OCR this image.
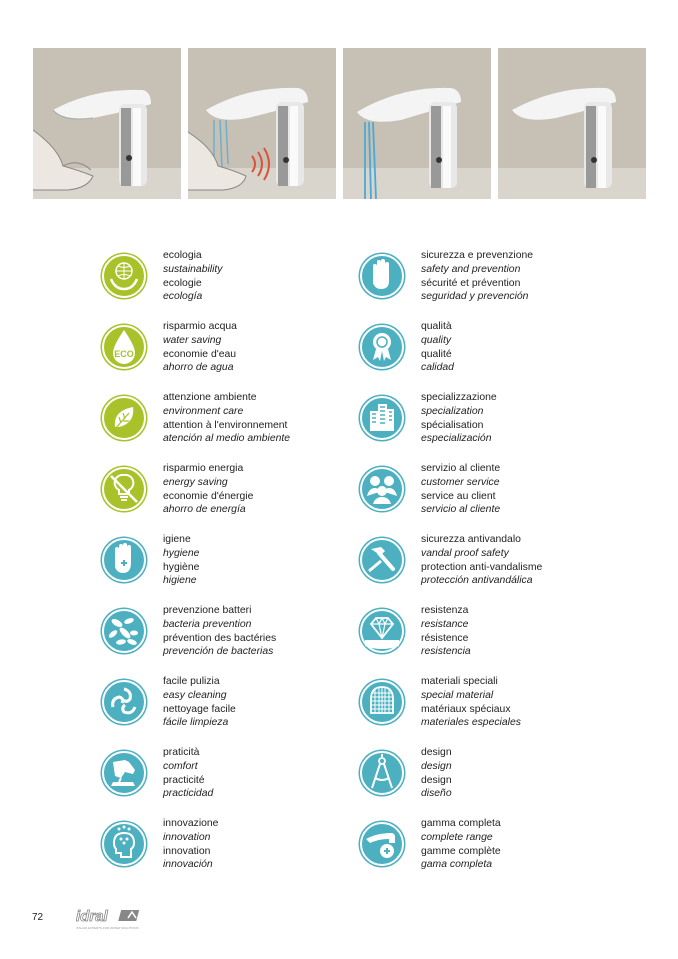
ecologia
sustainability
ecologie
ecología
ECO
risparmio acqua
water saving
economie d'eau
ahorro de agua
attenzione ambiente
environment care
attention à l'environnement
atención al medio ambiente
risparmio energia
energy saving
economie d'énergie
ahorro de energía
igiene
hygiene
hygiène
higiene
prevenzione batteri
bacteria prevention
prévention des bactéries
prevención de bacterias
facile pulizia
easy cleaning
nettoyage facile
fácile limpieza
praticità
comfort
practicité
practicidad
innovazione
innovation
innovation
innovación
sicurezza e prevenzione
safety and prevention
sécurité et prévention
seguridad y prevención
qualità
quality
qualité
calidad
specializzazione
specialization
spécialisation
especialización
servizio al cliente
customer service
service au client
servicio al cliente
sicurezza antivandalo
vandal proof safety
protection anti-vandalisme
protección antivandálica
resistenza
resistance
résistence
resistencia
materiali speciali
special material
matériaux spéciaux
materiales especiales
design
design
design
diseño
gamma completa
complete range
gamme complète
gama completa
72 idral
ITALIAN EXPERTS FOR WATER SOLUTIONS
